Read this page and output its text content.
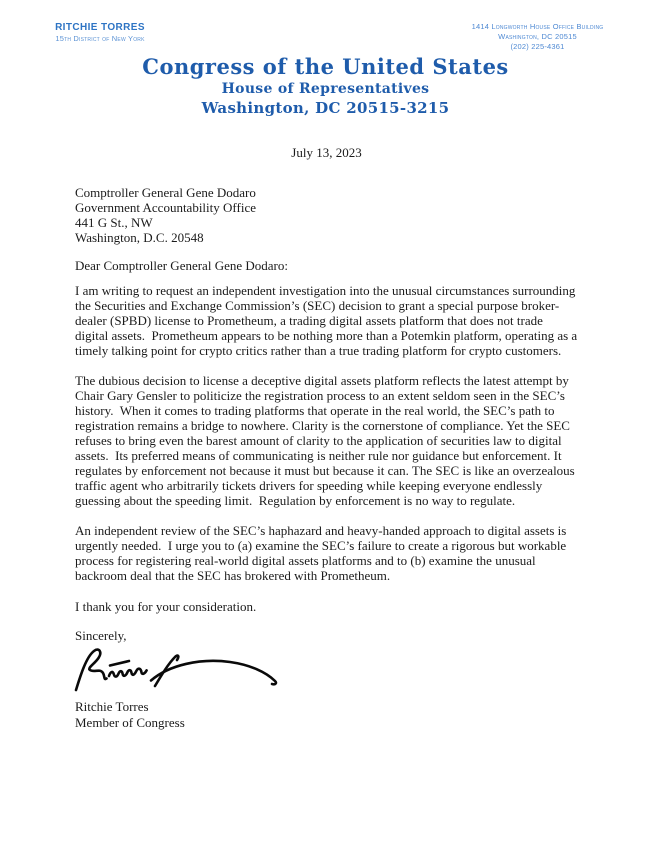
RITCHIE TORRES
15th District of New York
1414 Longworth House Office Building
Washington, DC 20515
(202) 225-4361
Congress of the United States
House of Representatives
Washington, DC 20515-3215
July 13, 2023
Comptroller General Gene Dodaro
Government Accountability Office
441 G St., NW
Washington, D.C. 20548
Dear Comptroller General Gene Dodaro:

I am writing to request an independent investigation into the unusual circumstances surrounding the Securities and Exchange Commission’s (SEC) decision to grant a special purpose broker-dealer (SPBD) license to Prometheum, a trading digital assets platform that does not trade digital assets.  Prometheum appears to be nothing more than a Potemkin platform, operating as a timely talking point for crypto critics rather than a true trading platform for crypto customers.

The dubious decision to license a deceptive digital assets platform reflects the latest attempt by Chair Gary Gensler to politicize the registration process to an extent seldom seen in the SEC’s history.  When it comes to trading platforms that operate in the real world, the SEC’s path to registration remains a bridge to nowhere. Clarity is the cornerstone of compliance. Yet the SEC refuses to bring even the barest amount of clarity to the application of securities law to digital assets.  Its preferred means of communicating is neither rule nor guidance but enforcement. It regulates by enforcement not because it must but because it can. The SEC is like an overzealous traffic agent who arbitrarily tickets drivers for speeding while keeping everyone endlessly guessing about the speeding limit.  Regulation by enforcement is no way to regulate.

An independent review of the SEC’s haphazard and heavy-handed approach to digital assets is urgently needed.  I urge you to (a) examine the SEC’s failure to create a rigorous but workable process for registering real-world digital assets platforms and to (b) examine the unusual backroom deal that the SEC has brokered with Prometheum.

I thank you for your consideration.
Sincerely,
Ritchie Torres
Member of Congress
